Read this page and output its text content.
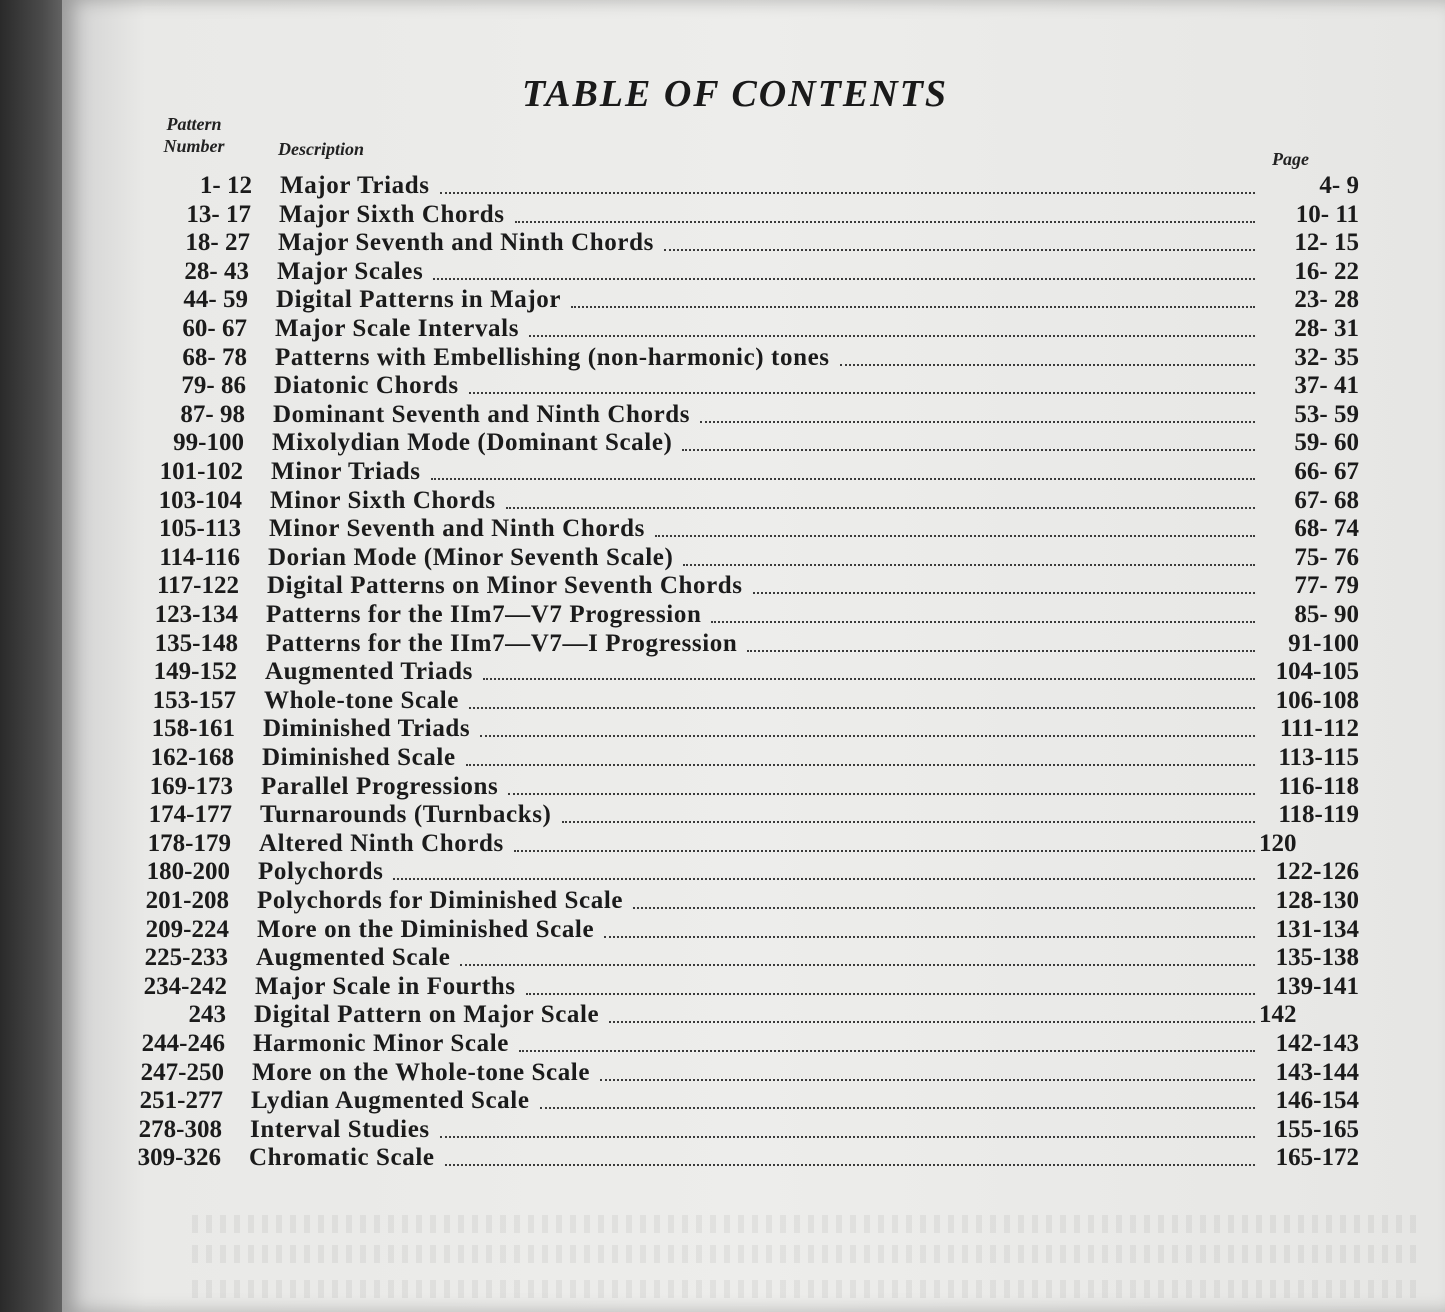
TABLE OF CONTENTS
Pattern Number	Description	Page
1- 12	Major Triads	4- 9
13- 17	Major Sixth Chords	10- 11
18- 27	Major Seventh and Ninth Chords	12- 15
28- 43	Major Scales	16- 22
44- 59	Digital Patterns in Major	23- 28
60- 67	Major Scale Intervals	28- 31
68- 78	Patterns with Embellishing (non-harmonic) tones	32- 35
79- 86	Diatonic Chords	37- 41
87- 98	Dominant Seventh and Ninth Chords	53- 59
99-100	Mixolydian Mode (Dominant Scale)	59- 60
101-102	Minor Triads	66- 67
103-104	Minor Sixth Chords	67- 68
105-113	Minor Seventh and Ninth Chords	68- 74
114-116	Dorian Mode (Minor Seventh Scale)	75- 76
117-122	Digital Patterns on Minor Seventh Chords	77- 79
123-134	Patterns for the IIm7—V7 Progression	85- 90
135-148	Patterns for the IIm7—V7—I Progression	91-100
149-152	Augmented Triads	104-105
153-157	Whole-tone Scale	106-108
158-161	Diminished Triads	111-112
162-168	Diminished Scale	113-115
169-173	Parallel Progressions	116-118
174-177	Turnarounds (Turnbacks)	118-119
178-179	Altered Ninth Chords	120
180-200	Polychords	122-126
201-208	Polychords for Diminished Scale	128-130
209-224	More on the Diminished Scale	131-134
225-233	Augmented Scale	135-138
234-242	Major Scale in Fourths	139-141
243	Digital Pattern on Major Scale	142
244-246	Harmonic Minor Scale	142-143
247-250	More on the Whole-tone Scale	143-144
251-277	Lydian Augmented Scale	146-154
278-308	Interval Studies	155-165
309-326	Chromatic Scale	165-172
